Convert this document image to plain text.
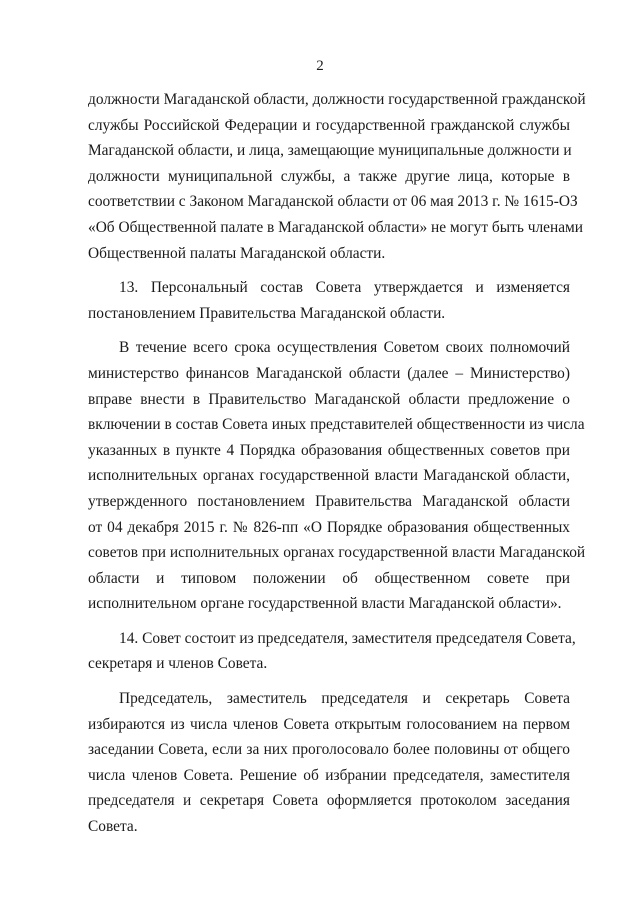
2

должности Магаданской области, должности государственной гражданской
службы Российской Федерации и государственной гражданской службы
Магаданской области, и лица, замещающие муниципальные должности и
должности муниципальной службы, а также другие лица, которые в
соответствии с Законом Магаданской области от 06 мая 2013 г. № 1615-ОЗ
«Об Общественной палате в Магаданской области» не могут быть членами
Общественной палаты Магаданской области.

13. Персональный состав Совета утверждается и изменяется
постановлением Правительства Магаданской области.

В течение всего срока осуществления Советом своих полномочий
министерство финансов Магаданской области (далее – Министерство)
вправе внести в Правительство Магаданской области предложение о
включении в состав Совета иных представителей общественности из числа
указанных в пункте 4 Порядка образования общественных советов при
исполнительных органах государственной власти Магаданской области,
утвержденного постановлением Правительства Магаданской области
от 04 декабря 2015 г. № 826-пп «О Порядке образования общественных
советов при исполнительных органах государственной власти Магаданской
области и типовом положении об общественном совете при
исполнительном органе государственной власти Магаданской области».

14. Совет состоит из председателя, заместителя председателя Совета,
секретаря и членов Совета.

Председатель, заместитель председателя и секретарь Совета
избираются из числа членов Совета открытым голосованием на первом
заседании Совета, если за них проголосовало более половины от общего
числа членов Совета. Решение об избрании председателя, заместителя
председателя и секретаря Совета оформляется протоколом заседания
Совета.
